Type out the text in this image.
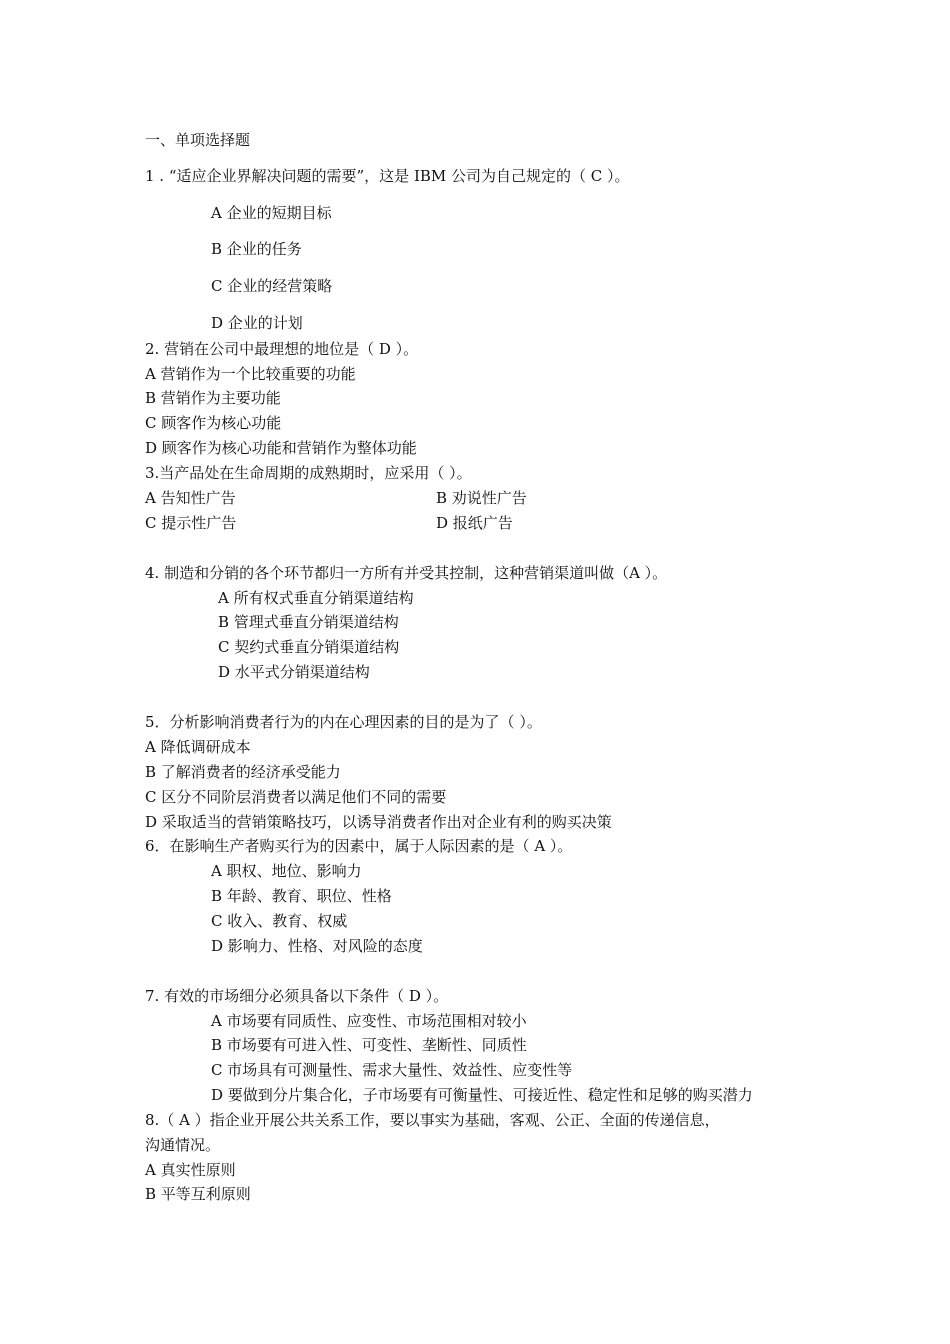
一、单项选择题
1 . “适应企业界解决问题的需要”，这是 IBM 公司为自己规定的（ C ）。
A 企业的短期目标
B 企业的任务
C 企业的经营策略
D 企业的计划
2. 营销在公司中最理想的地位是（ D ）。
A 营销作为一个比较重要的功能
B 营销作为主要功能
C 顾客作为核心功能
D 顾客作为核心功能和营销作为整体功能
3.当产品处在生命周期的成熟期时，应采用（ ）。
A 告知性广告	B 劝说性广告
C 提示性广告	D 报纸广告
4. 制造和分销的各个环节都归一方所有并受其控制，这种营销渠道叫做（A ）。
A 所有权式垂直分销渠道结构
B 管理式垂直分销渠道结构
C 契约式垂直分销渠道结构
D 水平式分销渠道结构
5．分析影响消费者行为的内在心理因素的目的是为了（ ）。
A 降低调研成本
B 了解消费者的经济承受能力
C 区分不同阶层消费者以满足他们不同的需要
D 采取适当的营销策略技巧，以诱导消费者作出对企业有利的购买决策
6．在影响生产者购买行为的因素中，属于人际因素的是（ A ）。
A 职权、地位、影响力
B 年龄、教育、职位、性格
C 收入、教育、权威
D 影响力、性格、对风险的态度
7. 有效的市场细分必须具备以下条件（ D ）。
A 市场要有同质性、应变性、市场范围相对较小
B 市场要有可进入性、可变性、垄断性、同质性
C 市场具有可测量性、需求大量性、效益性、应变性等
D 要做到分片集合化，子市场要有可衡量性、可接近性、稳定性和足够的购买潜力
8.（ A ）指企业开展公共关系工作，要以事实为基础，客观、公正、全面的传递信息，
沟通情况。
A 真实性原则
B 平等互利原则
